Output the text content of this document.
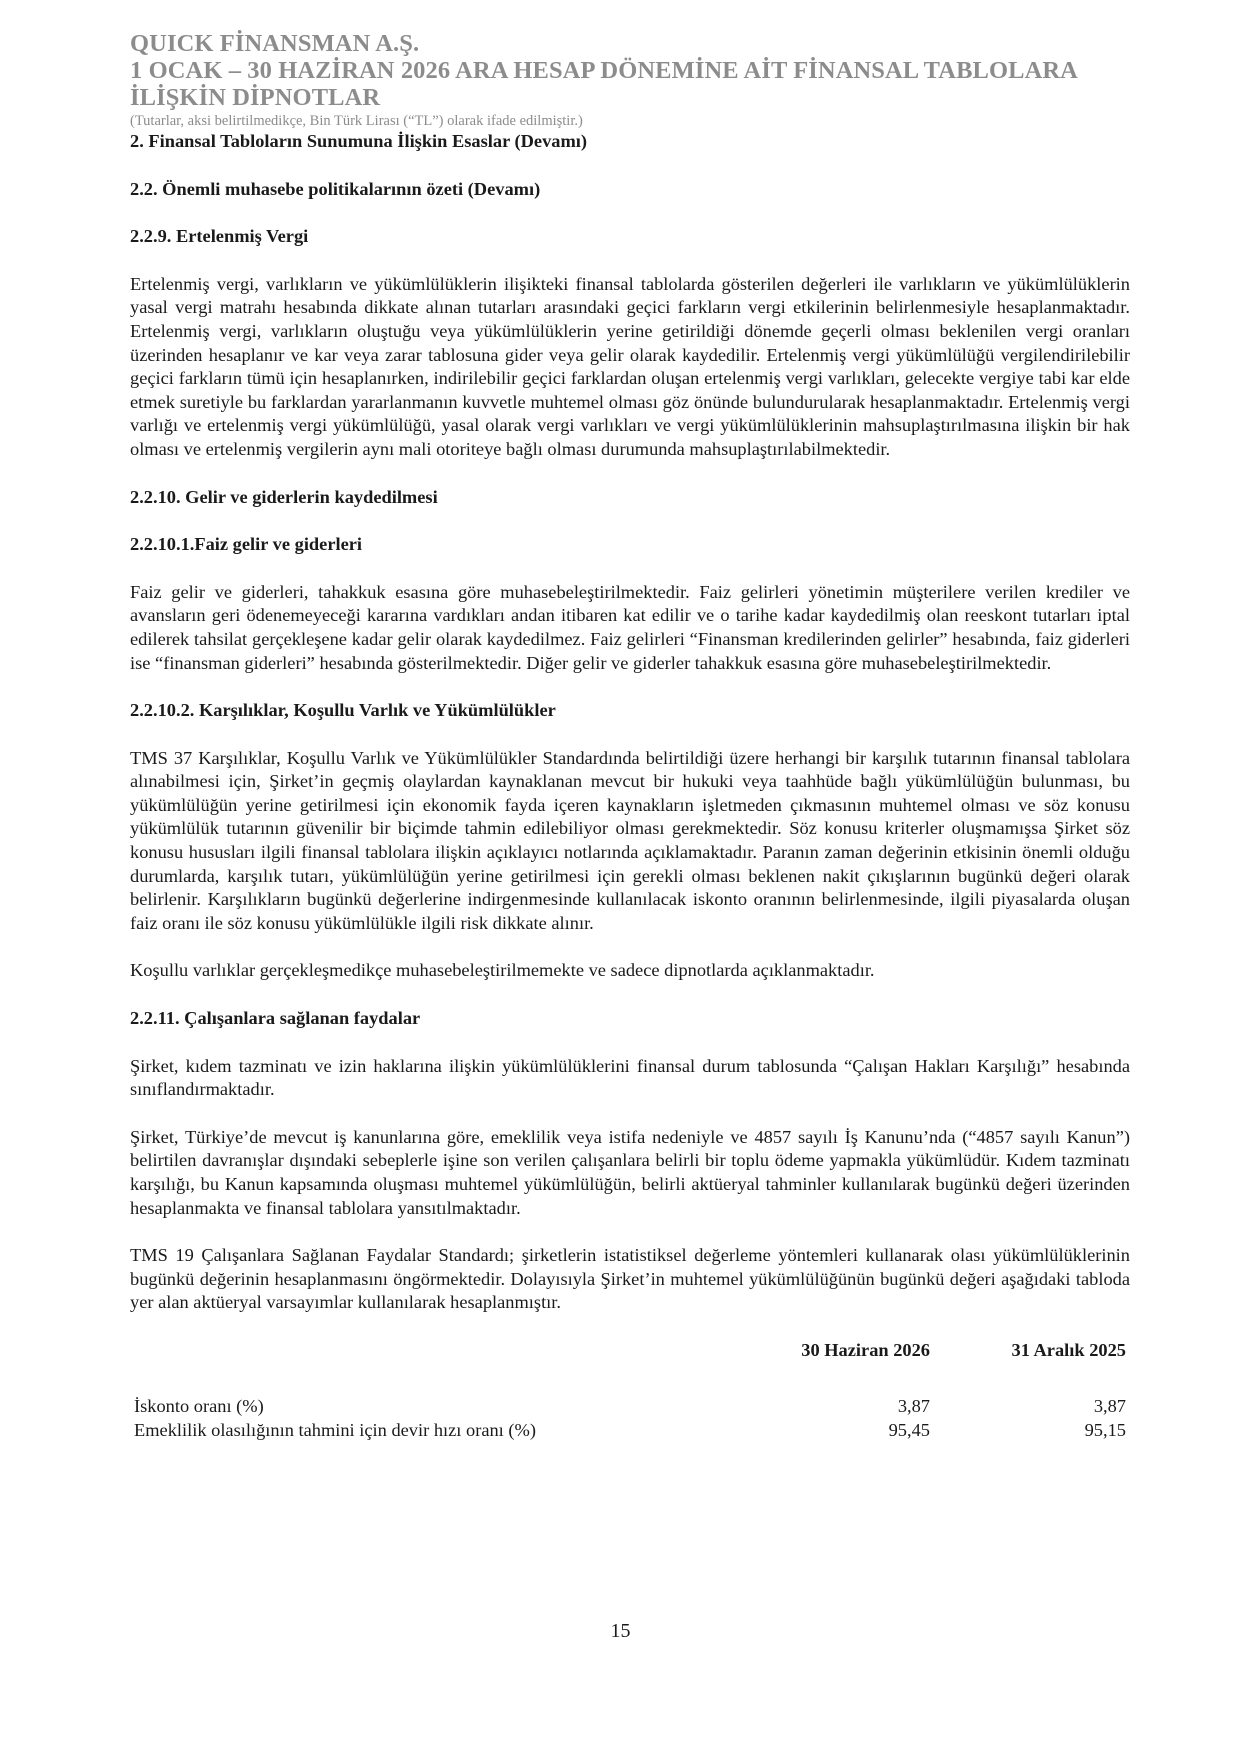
QUICK FİNANSMAN A.Ş.
1 OCAK – 30 HAZİRAN 2026 ARA HESAP DÖNEMİNE AİT FİNANSAL TABLOLARA
İLİŞKİN DİPNOTLAR
(Tutarlar, aksi belirtilmedikçe, Bin Türk Lirası (“TL”) olarak ifade edilmiştir.)

2. Finansal Tabloların Sunumuna İlişkin Esaslar (Devamı)

2.2. Önemli muhasebe politikalarının özeti (Devamı)

2.2.9. Ertelenmiş Vergi

Ertelenmiş vergi, varlıkların ve yükümlülüklerin ilişikteki finansal tablolarda gösterilen değerleri ile varlıkların ve yükümlülüklerin yasal vergi matrahı hesabında dikkate alınan tutarları arasındaki geçici farkların vergi etkilerinin belirlenmesiyle hesaplanmaktadır. Ertelenmiş vergi, varlıkların oluştuğu veya yükümlülüklerin yerine getirildiği dönemde geçerli olması beklenilen vergi oranları üzerinden hesaplanır ve kar veya zarar tablosuna gider veya gelir olarak kaydedilir. Ertelenmiş vergi yükümlülüğü vergilendirilebilir geçici farkların tümü için hesaplanırken, indirilebilir geçici farklardan oluşan ertelenmiş vergi varlıkları, gelecekte vergiye tabi kar elde etmek suretiyle bu farklardan yararlanmanın kuvvetle muhtemel olması göz önünde bulundurularak hesaplanmaktadır. Ertelenmiş vergi varlığı ve ertelenmiş vergi yükümlülüğü, yasal olarak vergi varlıkları ve vergi yükümlülüklerinin mahsuplaştırılmasına ilişkin bir hak olması ve ertelenmiş vergilerin aynı mali otoriteye bağlı olması durumunda mahsuplaştırılabilmektedir.

2.2.10. Gelir ve giderlerin kaydedilmesi

2.2.10.1.Faiz gelir ve giderleri

Faiz gelir ve giderleri, tahakkuk esasına göre muhasebeleştirilmektedir. Faiz gelirleri yönetimin müşterilere verilen krediler ve avansların geri ödenemeyeceği kararına vardıkları andan itibaren kat edilir ve o tarihe kadar kaydedilmiş olan reeskont tutarları iptal edilerek tahsilat gerçekleşene kadar gelir olarak kaydedilmez. Faiz gelirleri “Finansman kredilerinden gelirler” hesabında, faiz giderleri ise “finansman giderleri” hesabında gösterilmektedir. Diğer gelir ve giderler tahakkuk esasına göre muhasebeleştirilmektedir.

2.2.10.2. Karşılıklar, Koşullu Varlık ve Yükümlülükler

TMS 37 Karşılıklar, Koşullu Varlık ve Yükümlülükler Standardında belirtildiği üzere herhangi bir karşılık tutarının finansal tablolara alınabilmesi için, Şirket’in geçmiş olaylardan kaynaklanan mevcut bir hukuki veya taahhüde bağlı yükümlülüğün bulunması, bu yükümlülüğün yerine getirilmesi için ekonomik fayda içeren kaynakların işletmeden çıkmasının muhtemel olması ve söz konusu yükümlülük tutarının güvenilir bir biçimde tahmin edilebiliyor olması gerekmektedir. Söz konusu kriterler oluşmamışsa Şirket söz konusu hususları ilgili finansal tablolara ilişkin açıklayıcı notlarında açıklamaktadır. Paranın zaman değerinin etkisinin önemli olduğu durumlarda, karşılık tutarı, yükümlülüğün yerine getirilmesi için gerekli olması beklenen nakit çıkışlarının bugünkü değeri olarak belirlenir. Karşılıkların bugünkü değerlerine indirgenmesinde kullanılacak iskonto oranının belirlenmesinde, ilgili piyasalarda oluşan faiz oranı ile söz konusu yükümlülükle ilgili risk dikkate alınır.

Koşullu varlıklar gerçekleşmedikçe muhasebeleştirilmemekte ve sadece dipnotlarda açıklanmaktadır.

2.2.11. Çalışanlara sağlanan faydalar

Şirket, kıdem tazminatı ve izin haklarına ilişkin yükümlülüklerini finansal durum tablosunda “Çalışan Hakları Karşılığı” hesabında sınıflandırmaktadır.

Şirket, Türkiye’de mevcut iş kanunlarına göre, emeklilik veya istifa nedeniyle ve 4857 sayılı İş Kanunu’nda (“4857 sayılı Kanun”) belirtilen davranışlar dışındaki sebeplerle işine son verilen çalışanlara belirli bir toplu ödeme yapmakla yükümlüdür. Kıdem tazminatı karşılığı, bu Kanun kapsamında oluşması muhtemel yükümlülüğün, belirli aktüeryal tahminler kullanılarak bugünkü değeri üzerinden hesaplanmakta ve finansal tablolara yansıtılmaktadır.

TMS 19 Çalışanlara Sağlanan Faydalar Standardı; şirketlerin istatistiksel değerleme yöntemleri kullanarak olası yükümlülüklerinin bugünkü değerinin hesaplanmasını öngörmektedir. Dolayısıyla Şirket’in muhtemel yükümlülüğünün bugünkü değeri aşağıdaki tabloda yer alan aktüeryal varsayımlar kullanılarak hesaplanmıştır.

30 Haziran 2026	31 Aralık 2025
İskonto oranı (%)	3,87	3,87
Emeklilik olasılığının tahmini için devir hızı oranı (%)	95,45	95,15
15
